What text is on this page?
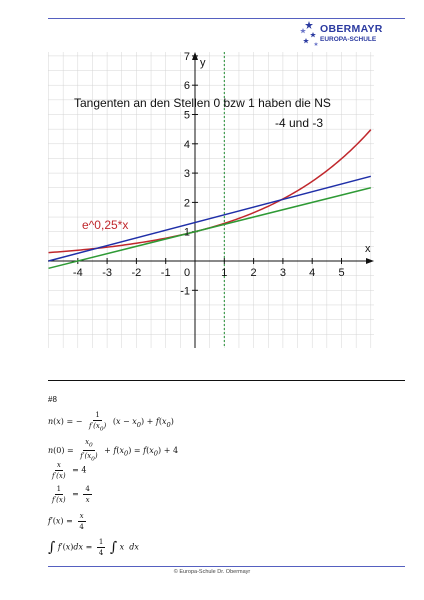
OBERMAYR
EUROPA-SCHULE
-4 -3 -2 -1 0	1 2 3 4 5
7
6
5
4
3
2
1
-1
x
y
Tangenten an den Stellen 0 bzw 1 haben die NS
-4 und -3
e^0,25*x
#8
n(x) = − $\frac{1}{f'(x_0)} (x - x_0) + f(x_0)$
$n(0) = \frac{x_0}{f'(x_0)} + f(x_0) = f(x_0) + 4$
$\frac{x}{f'(x)} = 4$
$\frac{1}{f'(x)} = \frac{4}{x}$
$f'(x) = \frac{x}{4}$
∫ $f'(x)dx = \frac{1}{4}$ ∫ x  dx
© Europa-Schule Dr. Obermayr
